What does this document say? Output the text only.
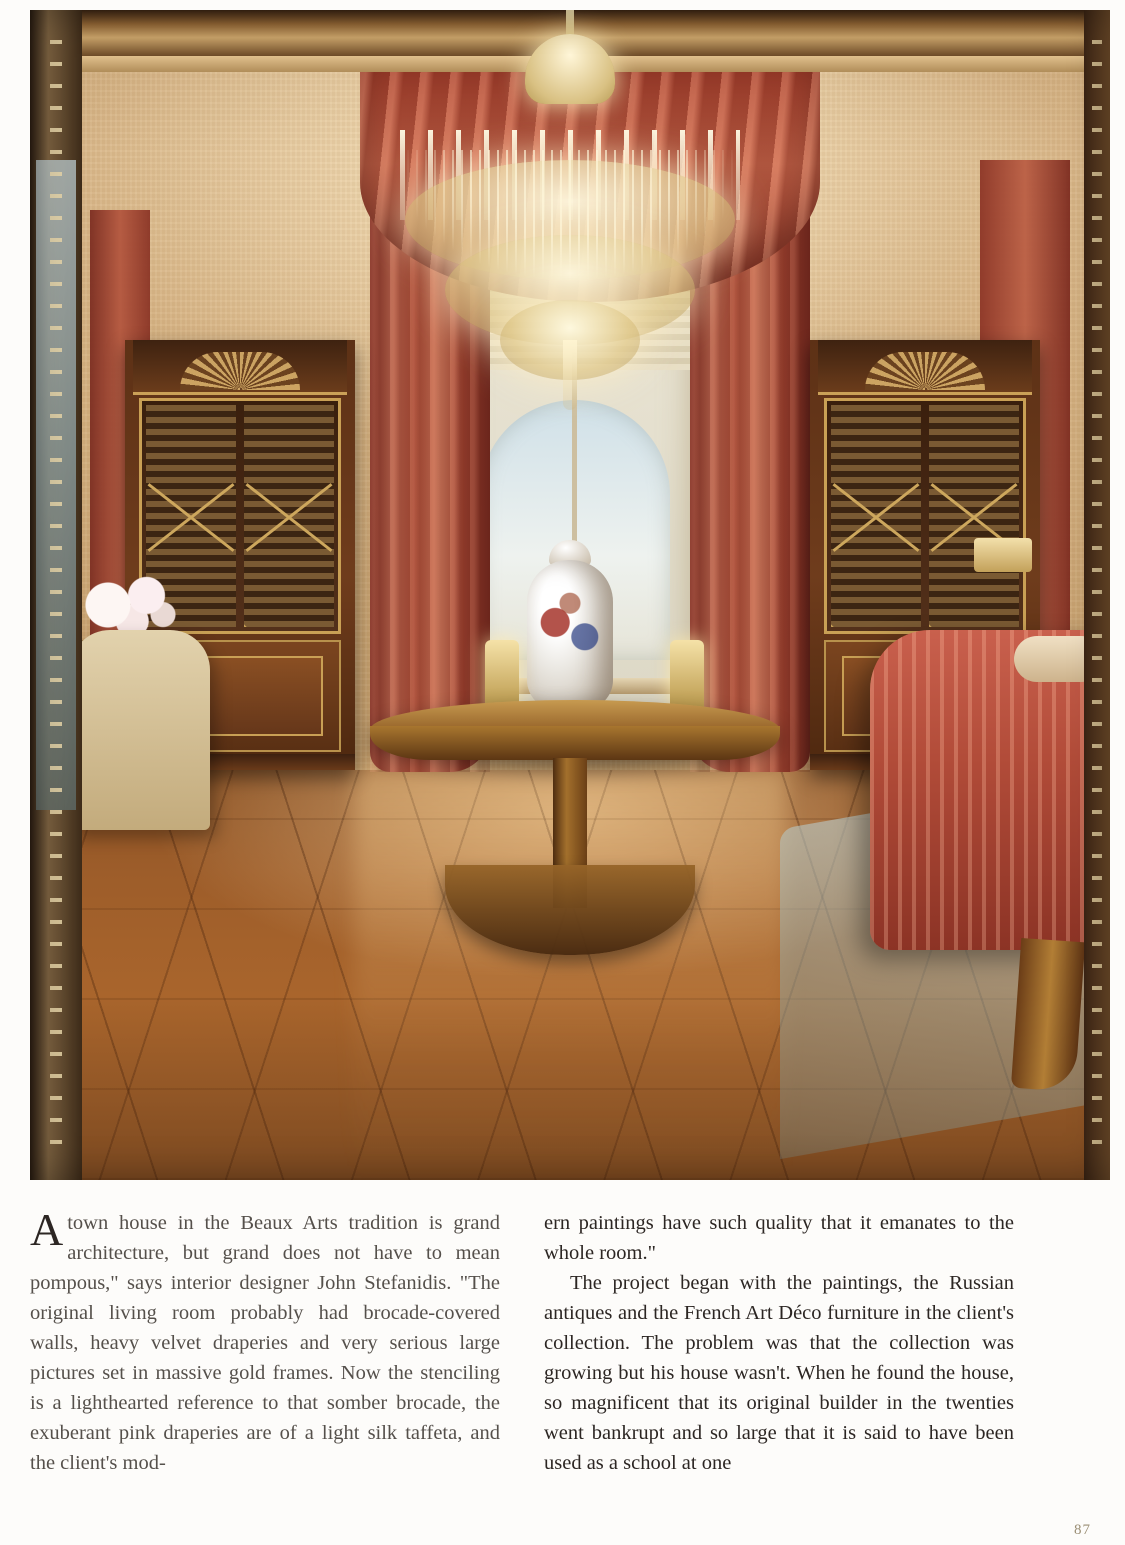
Atown house in the Beaux Arts tradition is grand architecture, but grand does not have to mean pompous," says interior designer John Stefanidis. "The original living room probably had brocade-covered walls, heavy velvet draperies and very serious large pictures set in massive gold frames. Now the stenciling is a lighthearted reference to that somber brocade, the exuberant pink draperies are of a light silk taffeta, and the client's mod-

ern paintings have such quality that it emanates to the whole room."

The project began with the paintings, the Russian antiques and the French Art Déco furniture in the client's collection. The problem was that the collection was growing but his house wasn't. When he found the house, so magnificent that its original builder in the twenties went bankrupt and so large that it is said to have been used as a school at one

87
